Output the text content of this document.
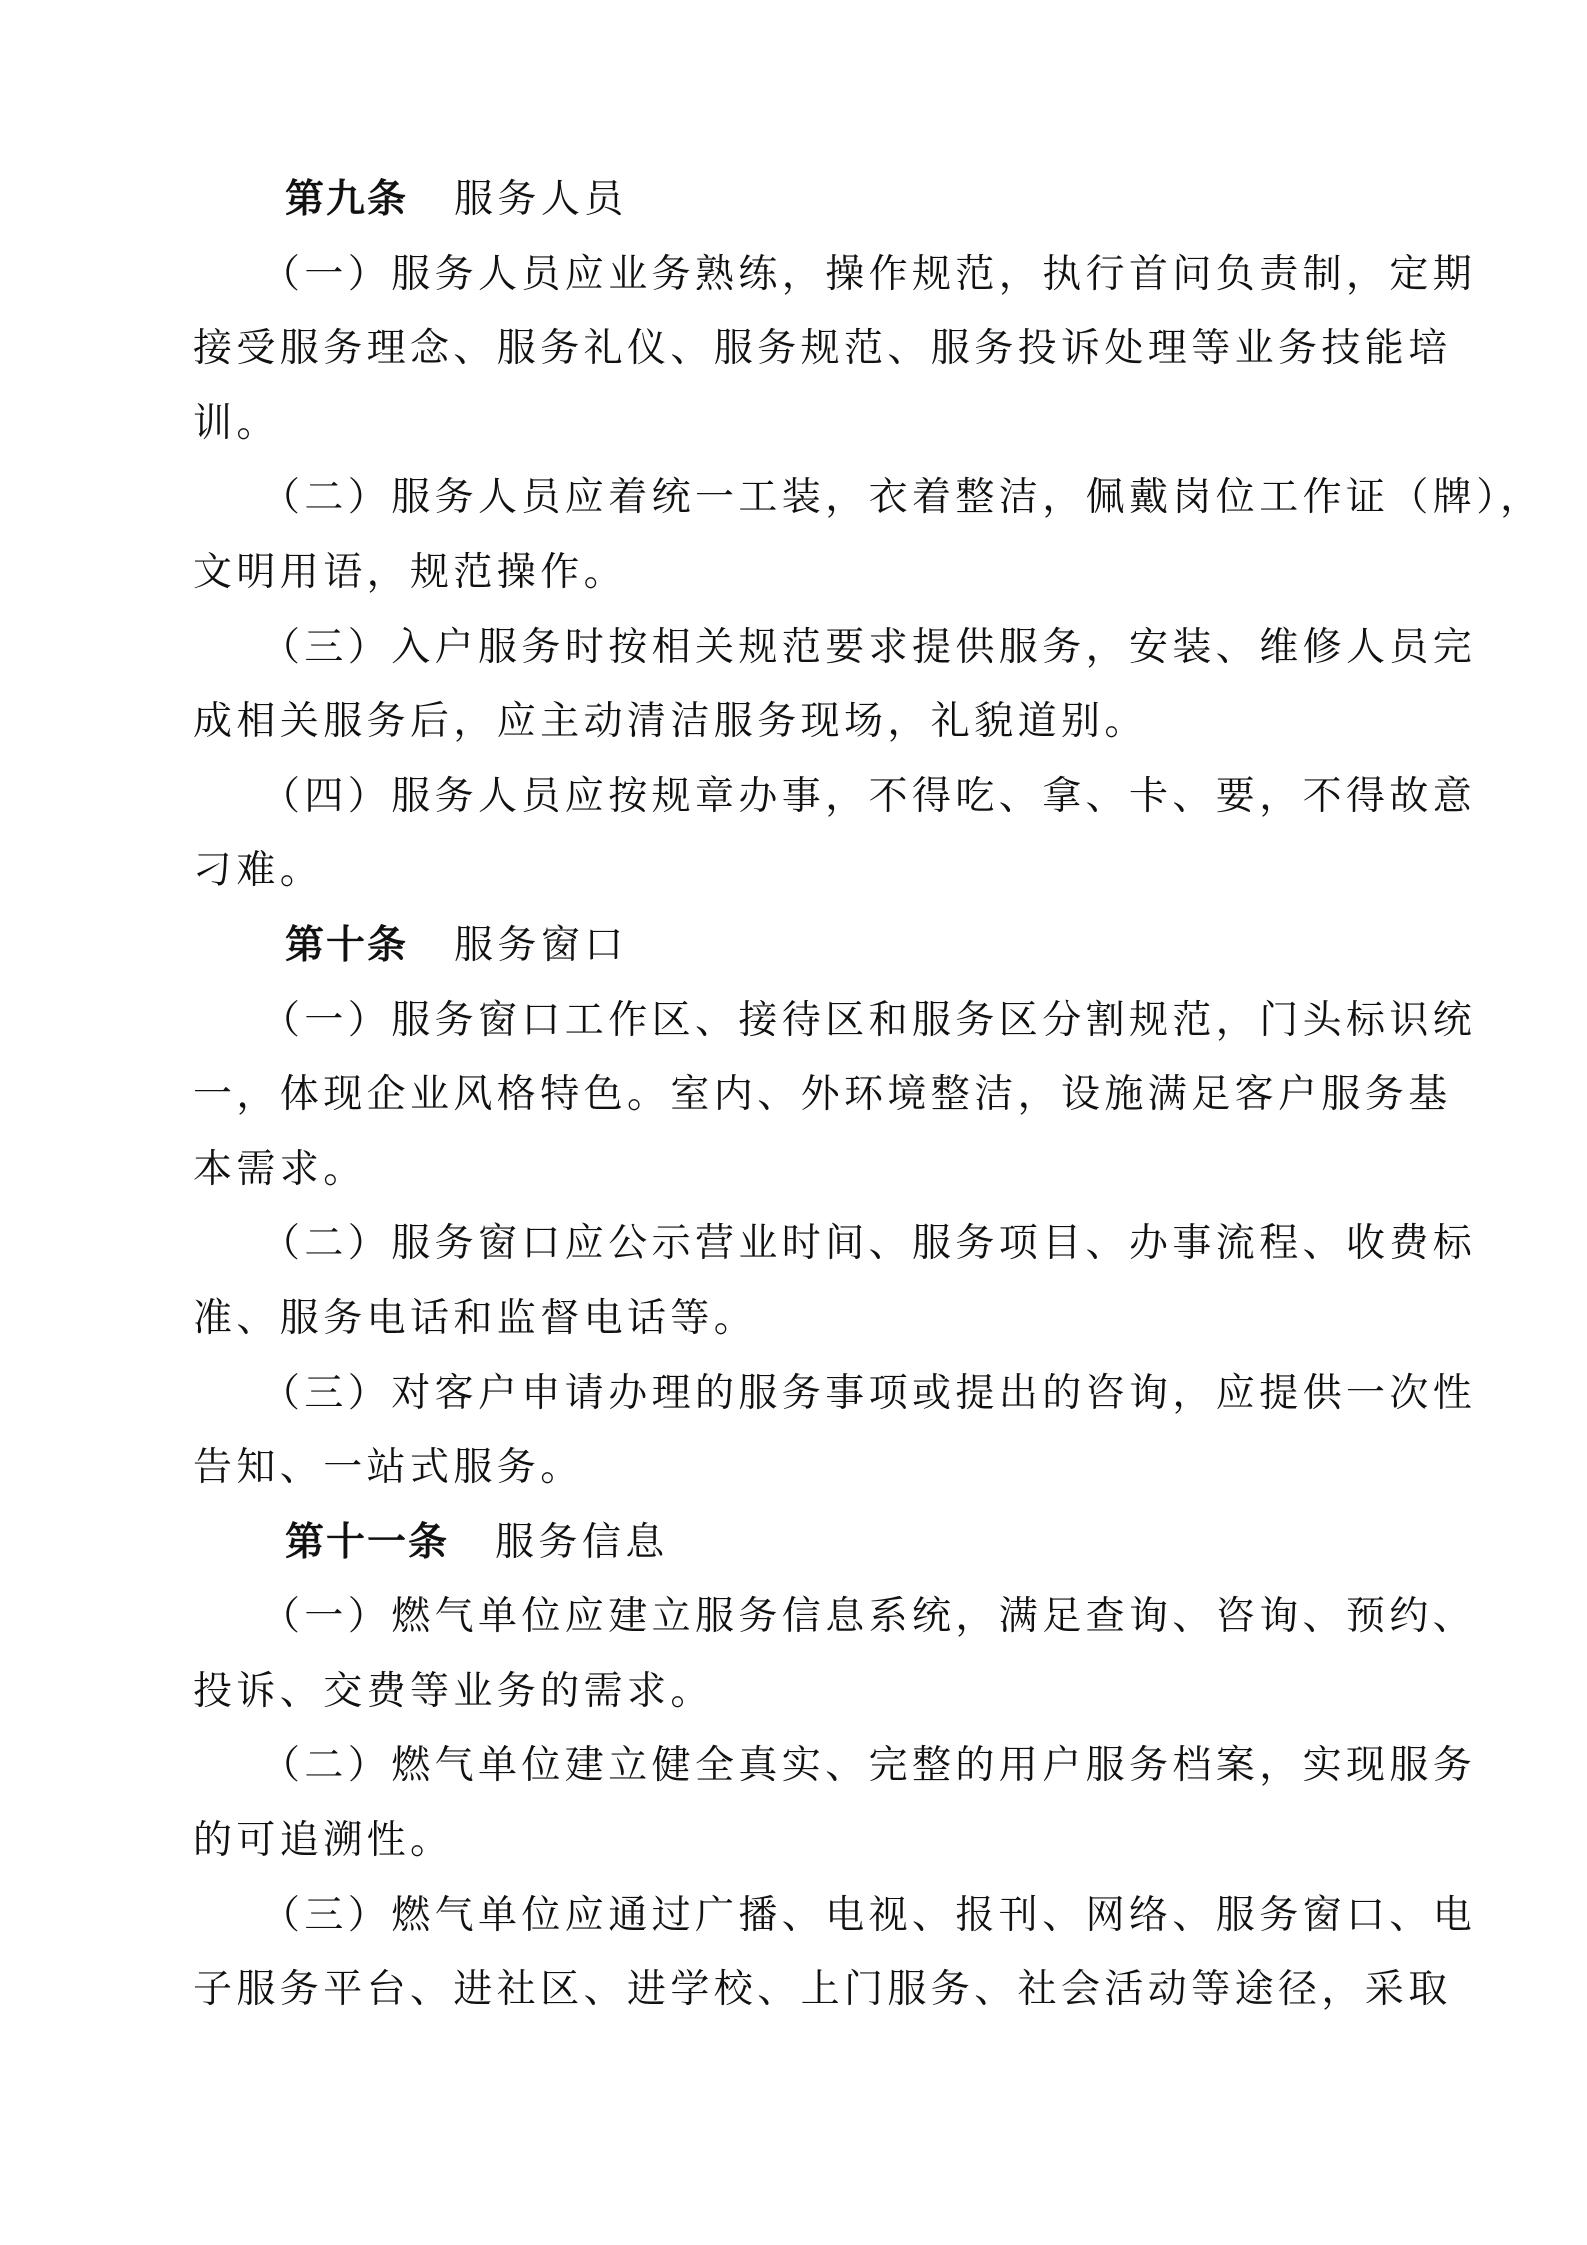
第九条 服务人员
（一）服务人员应业务熟练，操作规范，执行首问负责制，定期
接受服务理念、服务礼仪、服务规范、服务投诉处理等业务技能培
训。
（二）服务人员应着统一工装，衣着整洁，佩戴岗位工作证（牌），
文明用语，规范操作。
（三）入户服务时按相关规范要求提供服务，安装、维修人员完
成相关服务后，应主动清洁服务现场，礼貌道别。
（四）服务人员应按规章办事，不得吃、拿、卡、要，不得故意
刁难。
第十条 服务窗口
（一）服务窗口工作区、接待区和服务区分割规范，门头标识统
一，体现企业风格特色。室内、外环境整洁，设施满足客户服务基
本需求。
（二）服务窗口应公示营业时间、服务项目、办事流程、收费标
准、服务电话和监督电话等。
（三）对客户申请办理的服务事项或提出的咨询，应提供一次性
告知、一站式服务。
第十一条 服务信息
（一）燃气单位应建立服务信息系统，满足查询、咨询、预约、
投诉、交费等业务的需求。
（二）燃气单位建立健全真实、完整的用户服务档案，实现服务
的可追溯性。
（三）燃气单位应通过广播、电视、报刊、网络、服务窗口、电
子服务平台、进社区、进学校、上门服务、社会活动等途径，采取
